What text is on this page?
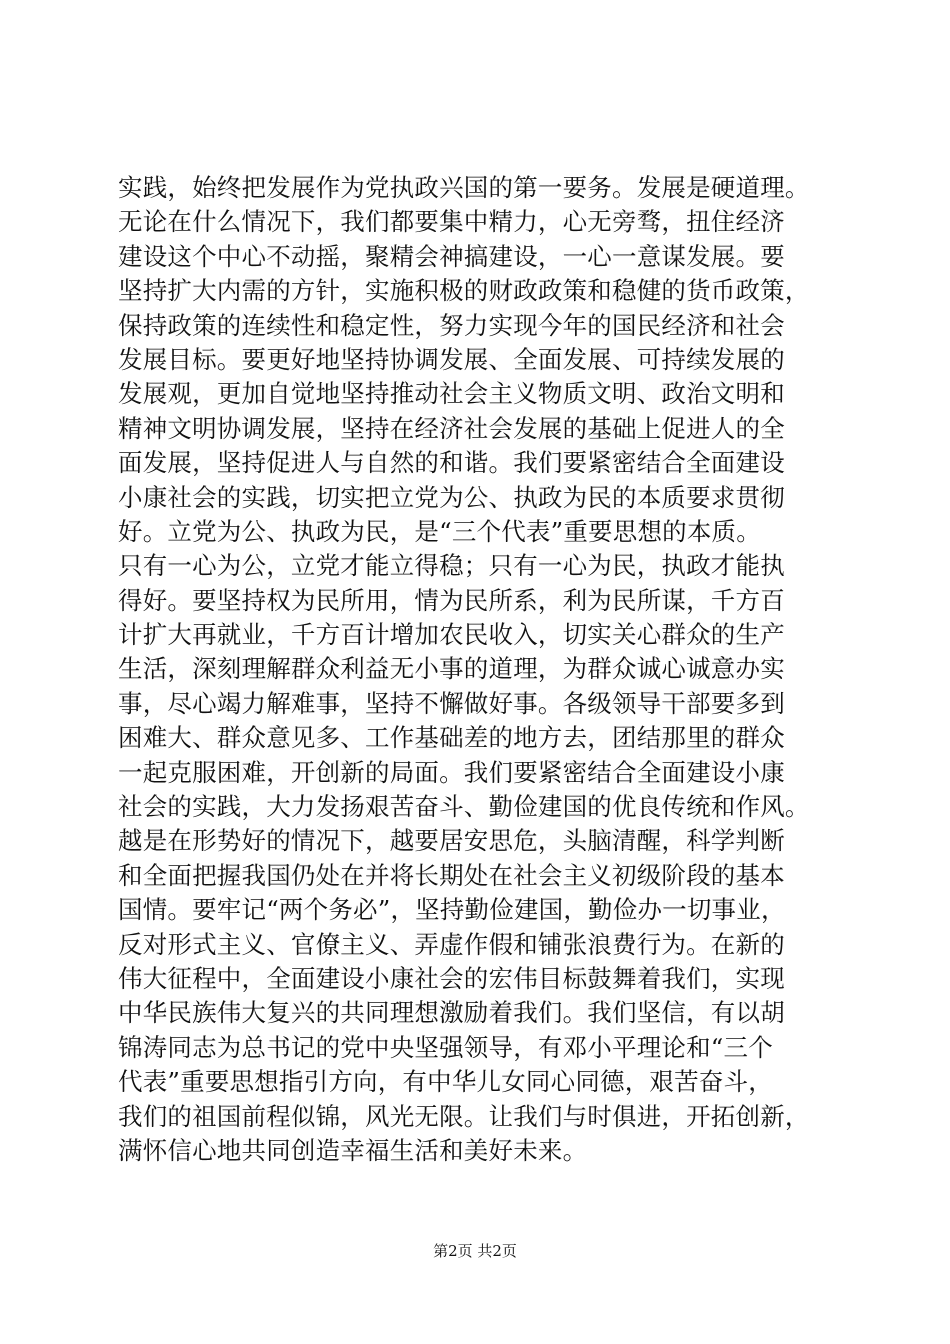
实践，始终把发展作为党执政兴国的第一要务。发展是硬道理。
无论在什么情况下，我们都要集中精力，心无旁骛，扭住经济
建设这个中心不动摇，聚精会神搞建设，一心一意谋发展。要
坚持扩大内需的方针，实施积极的财政政策和稳健的货币政策，
保持政策的连续性和稳定性，努力实现今年的国民经济和社会
发展目标。要更好地坚持协调发展、全面发展、可持续发展的
发展观，更加自觉地坚持推动社会主义物质文明、政治文明和
精神文明协调发展，坚持在经济社会发展的基础上促进人的全
面发展，坚持促进人与自然的和谐。我们要紧密结合全面建设
小康社会的实践，切实把立党为公、执政为民的本质要求贯彻
好。立党为公、执政为民，是“三个代表”重要思想的本质。
只有一心为公，立党才能立得稳；只有一心为民，执政才能执
得好。要坚持权为民所用，情为民所系，利为民所谋，千方百
计扩大再就业，千方百计增加农民收入，切实关心群众的生产
生活，深刻理解群众利益无小事的道理，为群众诚心诚意办实
事，尽心竭力解难事，坚持不懈做好事。各级领导干部要多到
困难大、群众意见多、工作基础差的地方去，团结那里的群众
一起克服困难，开创新的局面。我们要紧密结合全面建设小康
社会的实践，大力发扬艰苦奋斗、勤俭建国的优良传统和作风。
越是在形势好的情况下，越要居安思危，头脑清醒，科学判断
和全面把握我国仍处在并将长期处在社会主义初级阶段的基本
国情。要牢记“两个务必”，坚持勤俭建国，勤俭办一切事业，
反对形式主义、官僚主义、弄虚作假和铺张浪费行为。在新的
伟大征程中，全面建设小康社会的宏伟目标鼓舞着我们，实现
中华民族伟大复兴的共同理想激励着我们。我们坚信，有以胡
锦涛同志为总书记的党中央坚强领导，有邓小平理论和“三个
代表”重要思想指引方向，有中华儿女同心同德，艰苦奋斗，
我们的祖国前程似锦，风光无限。让我们与时俱进，开拓创新，
满怀信心地共同创造幸福生活和美好未来。
第2页 共2页
